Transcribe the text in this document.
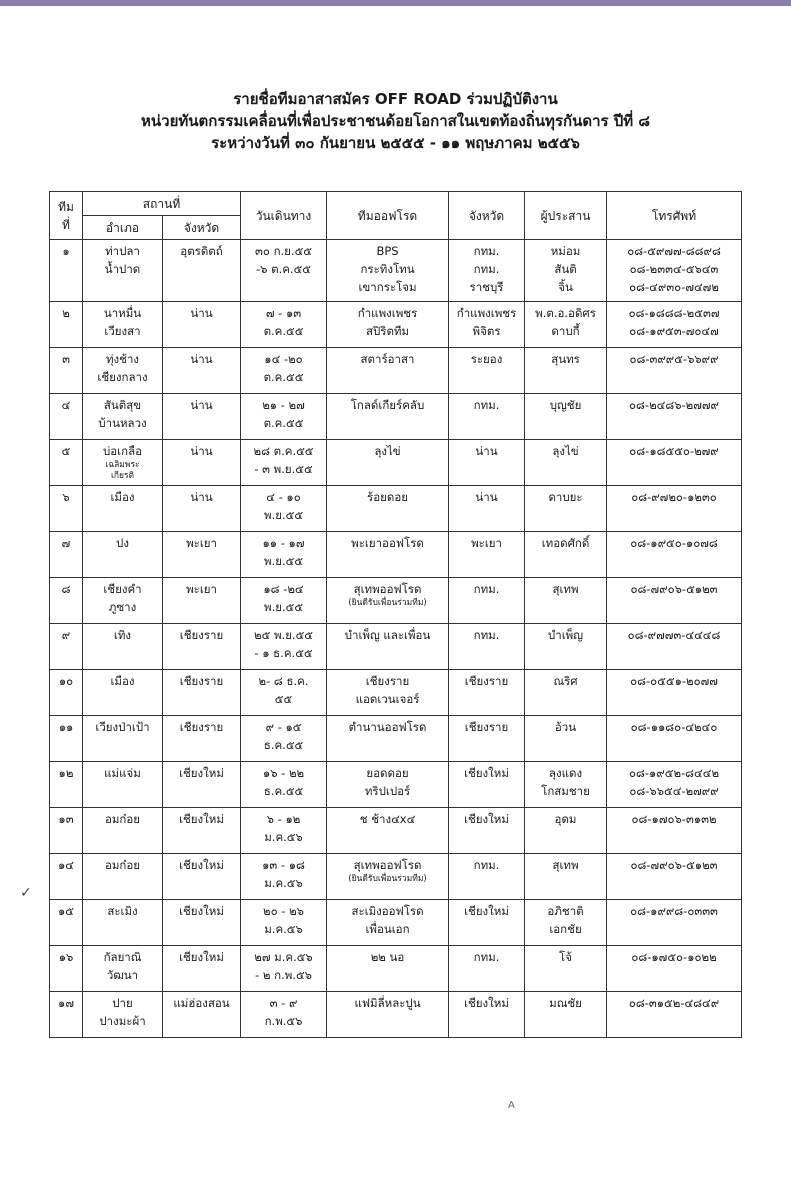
รายชื่อทีมอาสาสมัคร OFF ROAD ร่วมปฏิบัติงาน
หน่วยทันตกรรมเคลื่อนที่เพื่อประชาชนด้อยโอกาสในเขตท้องถิ่นทุรกันดาร ปีที่ ๘
ระหว่างวันที่ ๓๐ กันยายน ๒๕๕๕ - ๑๑ พฤษภาคม ๒๕๕๖
ทีม
ที่	สถานที่		วันเดินทาง	ทีมออฟโรด	จังหวัด	ผู้ประสาน	โทรศัพท์
	อำเภอ	จังหวัด					

๑	ท่าปลา
น้ำปาด	อุตรดิตถ์	๓๐ ก.ย.๕๕
-๖ ต.ค.๕๕	BPS
กระทิงโทน
เขากระโจม	กทม.
กทม.
ราชบุรี	หม่อม
สันติ
จิ้น	๐๘-๕๙๗๗-๘๘๙๘
๐๘-๒๓๓๔-๕๖๔๓
๐๘-๔๙๓๐-๗๔๗๒

๒	นาหมื่น
เวียงสา	น่าน	๗ - ๑๓
ต.ค.๕๕	กำแพงเพชร
สปิริตทีม	กำแพงเพชร
พิจิตร	พ.ต.อ.อดิศร
ดาบกี้	๐๘-๑๘๘๘-๒๕๓๗
๐๘-๑๙๕๓-๗๐๔๗

๓	ทุ่งช้าง
เชียงกลาง	น่าน	๑๔ -๒๐
ต.ค.๕๕	สตาร์อาสา	ระยอง	สุนทร	๐๘-๓๙๙๕-๖๖๙๙

๔	สันติสุข
บ้านหลวง	น่าน	๒๑ - ๒๗
ต.ค.๕๕	โกลด์เกียร์คลับ	กทม.	บุญชัย	๐๘-๒๔๘๖-๒๗๗๙

๕	บ่อเกลือ
เฉลิมพระ
เกียรติ	น่าน	๒๘ ต.ค.๕๕
- ๓ พ.ย.๕๕	ลุงไข่	น่าน	ลุงไข่	๐๘-๑๘๕๕๐-๒๗๙

๖	เมือง	น่าน	๔ - ๑๐
พ.ย.๕๕	ร้อยดอย	น่าน	ดาบยะ	๐๘-๙๗๒๐-๑๒๓๐

๗	ปง	พะเยา	๑๑ - ๑๗
พ.ย.๕๕	พะเยาออฟโรด	พะเยา	เทอดศักดิ์	๐๘-๑๙๕๐-๑๐๗๘

๘	เชียงคำ
ภูซาง	พะเยา	๑๘ -๒๔
พ.ย.๕๕	สุเทพออฟโรด
(ยินดีรับเพื่อนร่วมทีม)	กทม.	สุเทพ	๐๘-๗๙๐๖-๕๑๒๓

๙	เทิง	เชียงราย	๒๕ พ.ย.๕๕
- ๑ ธ.ค.๕๕	บำเพ็ญ และเพื่อน	กทม.	บำเพ็ญ	๐๘-๙๗๗๓-๔๔๔๘

๑๐	เมือง	เชียงราย	๒- ๘ ธ.ค.
๕๕	เชียงราย
แอดเวนเจอร์	เชียงราย	ณริศ	๐๘-๐๕๕๑-๒๐๗๗

๑๑	เวียงป่าเป้า	เชียงราย	๙ - ๑๕
ธ.ค.๕๕	ตำนานออฟโรด	เชียงราย	อ้วน	๐๘-๑๑๘๐-๔๒๔๐

๑๒	แม่แจ่ม	เชียงใหม่	๑๖ - ๒๒
ธ.ค.๕๕	ยอดดอย
ทริปเปอร์	เชียงใหม่	ลุงแดง
โกสมชาย	๐๘-๑๙๕๒-๘๔๔๒
๐๘-๖๖๕๔-๒๗๙๙

๑๓	อมก๋อย	เชียงใหม่	๖ - ๑๒
ม.ค.๕๖	ช ช้าง๔x๔	เชียงใหม่	อุดม	๐๘-๑๗๐๖-๓๑๓๒

๑๔	อมก๋อย	เชียงใหม่	๑๓ - ๑๘
ม.ค.๕๖	สุเทพออฟโรด
(ยินดีรับเพื่อนร่วมทีม)	กทม.	สุเทพ	๐๘-๗๙๐๖-๕๑๒๓

๑๕	สะเมิง	เชียงใหม่	๒๐ - ๒๖
ม.ค.๕๖	สะเมิงออฟโรด
เพื่อนเอก	เชียงใหม่	อภิชาติ
เอกชัย	๐๘-๑๙๙๘-๐๓๓๓

๑๖	กัลยาณิ
วัฒนา	เชียงใหม่	๒๗ ม.ค.๕๖
- ๒ ก.พ.๕๖	๒๒ นอ	กทม.	โจ้	๐๘-๑๗๕๐-๑๐๒๒

๑๗	ปาย
ปางมะผ้า	แม่ฮ่องสอน	๓ - ๙
ก.พ.๕๖	แฟมิลี่หละปูน	เชียงใหม่	มณชัย	๐๘-๓๑๕๒-๔๘๔๙
✓
A
